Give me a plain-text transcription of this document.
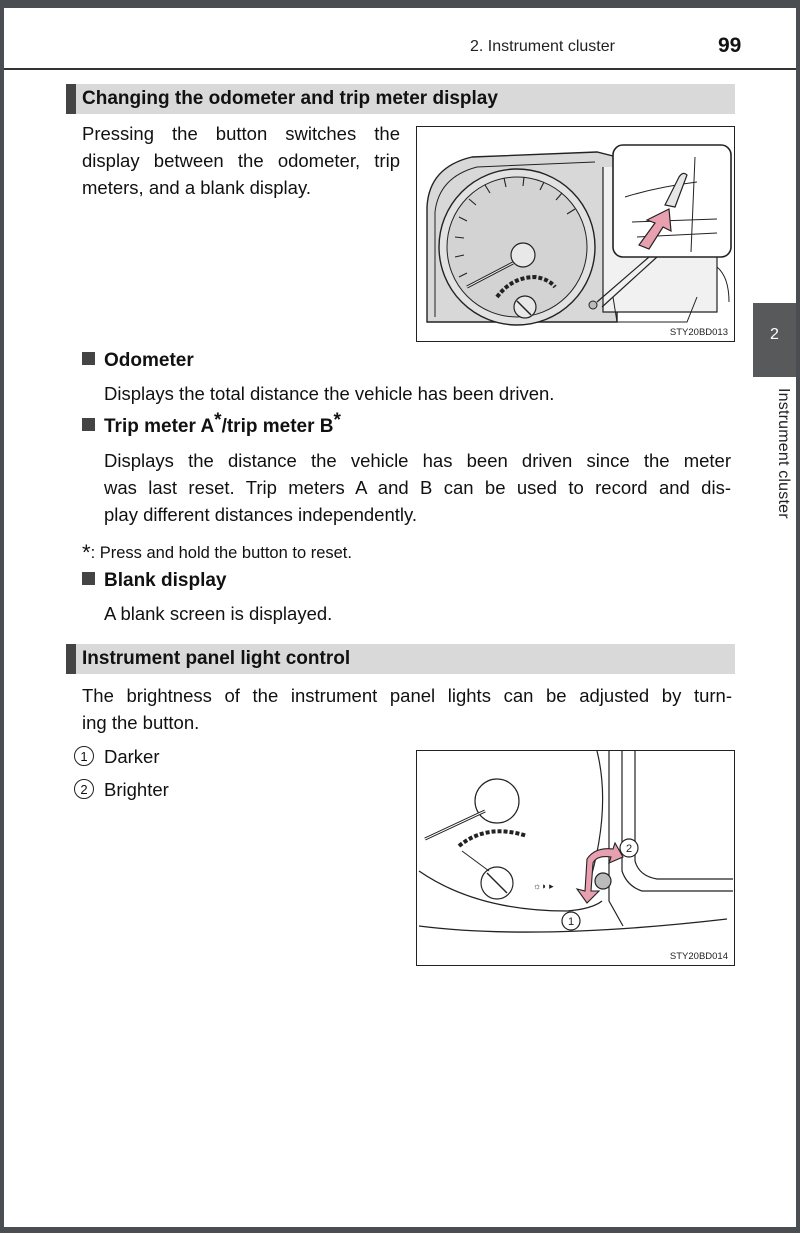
2. Instrument cluster	99
Changing the odometer and trip meter display
Pressing the button switches the
display between the odometer, trip
meters, and a blank display.
STY20BD013
Odometer
Displays the total distance the vehicle has been driven.
Trip meter A*/trip meter B*
Displays the distance the vehicle has been driven since the meter
was last reset. Trip meters A and B can be used to record and dis-
play different distances independently.
*: Press and hold the button to reset.
Blank display
A blank screen is displayed.
Instrument panel light control
The brightness of the instrument panel lights can be adjusted by turn-
ing the button.
1 Darker
2 Brighter
☼◗ ▸
2
1
STY20BD014
2
Instrument cluster
